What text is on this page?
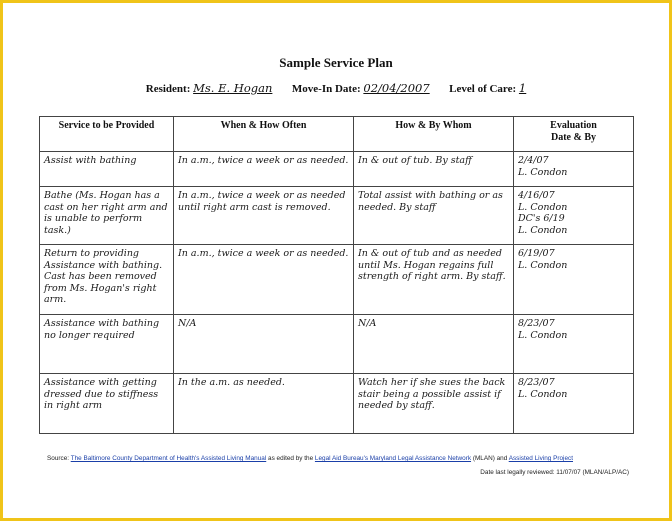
Sample Service Plan
Resident: Ms. E. Hogan Move-In Date: 02/04/2007 Level of Care: 1
Service to be Provided	When & How Often	How & By Whom	Evaluation
Date & By

Assist with bathing	In a.m., twice a week or as needed.	In & out of tub. By staff	2/4/07
L. Condon

Bathe (Ms. Hogan has a cast on her right arm and is unable to perform task.)	In a.m., twice a week or as needed until right arm cast is removed.	Total assist with bathing or as needed. By staff	4/16/07
L. Condon
DC's 6/19
L. Condon

Return to providing Assistance with bathing. Cast has been removed from Ms. Hogan's right arm.	In a.m., twice a week or as needed.	In & out of tub and as needed until Ms. Hogan regains full strength of right arm. By staff.	6/19/07
L. Condon

Assistance with bathing no longer required	N/A	N/A	8/23/07
L. Condon

Assistance with getting dressed due to stiffness in right arm	In the a.m. as needed.	Watch her if she sues the back stair being a possible assist if needed by staff.	8/23/07
L. Condon
Source: The Baltimore County Department of Health's Assisted Living Manual as edited by the Legal Aid Bureau's Maryland Legal Assistance Network (MLAN) and Assisted Living Project
Date last legally reviewed: 11/07/07 (MLAN/ALP/AC)
